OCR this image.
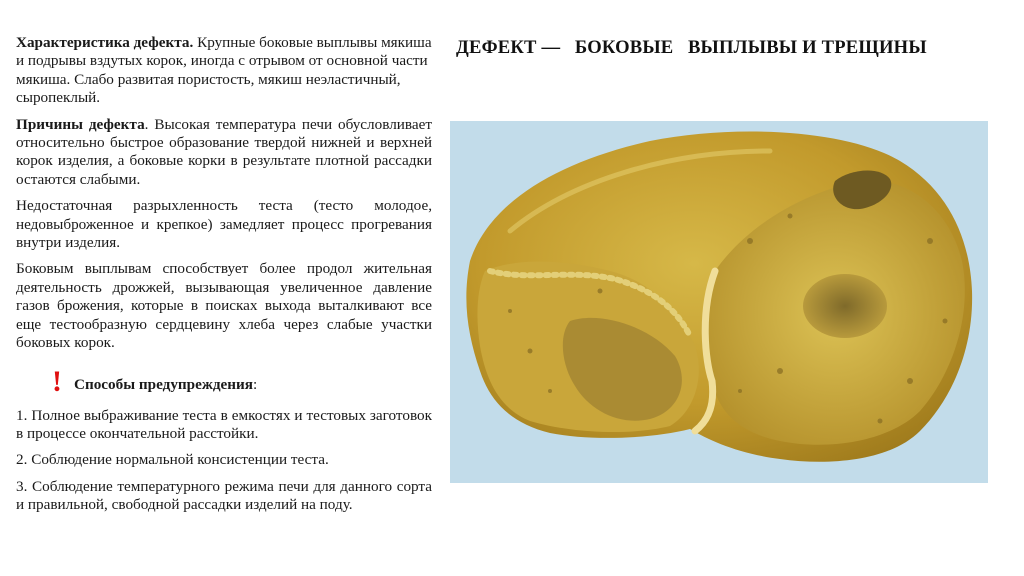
ДЕФЕКТ —   БОКОВЫЕ   ВЫПЛЫВЫ И ТРЕЩИНЫ

Характеристика дефекта. Крупные боковые выплывы мякиша и подрывы вздутых корок, иногда с отрывом от основной части мякиша. Слабо развитая пористость, мякиш неэластичный, сыропеклый.

Причины дефекта. Высокая температура печи обусловливает относительно быстрое образование твердой нижней и верхней корок изделия, а боковые корки в результате плотной рассадки остаются слабыми.

Недостаточная разрыхленность теста (тесто молодое, недовыброженное и крепкое) замедляет процесс прогревания внутри изделия.

Боковым выплывам способствует более продол жительная деятельность дрожжей, вызывающая увеличенное давление газов брожения, которые в поисках выхода выталкивают все еще тестообразную сердцевину хлеба через слабые участки боковых корок.

! Способы предупреждения:

1. Полное выбраживание теста в емкостях и тестовых заготовок в процессе окончательной расстойки.

2. Соблюдение нормальной консистенции теста.

3. Соблюдение температурного режима печи для данного сорта и правильной, свободной рассадки изделий на поду.
